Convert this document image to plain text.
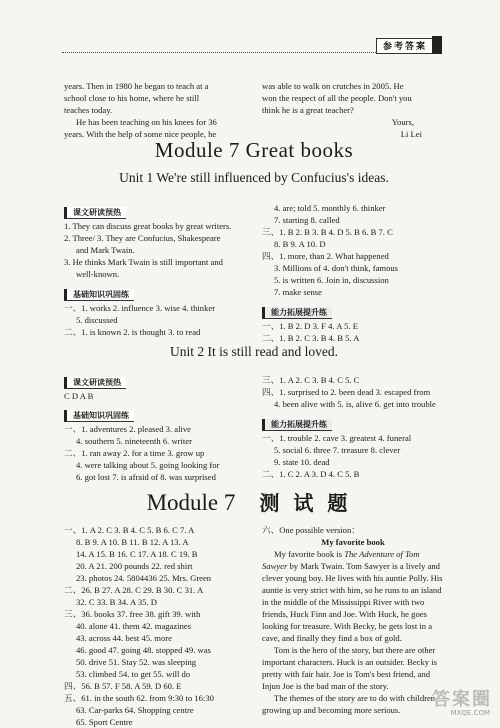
参考答案
years. Then in 1980 he began to teach at a
school close to his home, where he still
teaches today.
He has been teaching on his knees for 36
years. With the help of some nice people, he
was able to walk on crutches in 2005. He
won the respect of all the people. Don't you
think he is a great teacher?
Yours,
Li Lei
Module 7 Great books
Unit 1 We're still influenced by Confucius's ideas.
课文研读预热
1. They can discuss great books by great writers.
2. Three/ 3. They are Confucius, Shakespeare
and Mark Twain.
3. He thinks Mark Twain is still important and
well-known.
基础知识巩固练
一、1. works 2. influence 3. wise 4. thinker
5. discussed
二、1. is known 2. is thought 3. to read
4. are; told 5. monthly 6. thinker
7. starting 8. called
三、1. B 2. B 3. B 4. D 5. B 6. B 7. C
8. B 9. A 10. D
四、1. more, than 2. What happened
3. Millions of 4. don't think, famous
5. is written 6. Join in, discussion
7. make sense
能力拓展提升练
一、1. B 2. D 3. F 4. A 5. E
二、1. B 2. C 3. B 4. B 5. A
Unit 2 It is still read and loved.
课文研读预热
C D A B
基础知识巩固练
一、1. adventures 2. pleased 3. alive
4. southern 5. nineteenth 6. writer
二、1. ran away 2. for a time 3. grow up
4. were talking about 5. going looking for
6. got lost 7. is afraid of 8. was surprised
三、1. A 2. C 3. B 4. C 5. C
四、1. surprised to 2. been dead 3. escaped from
4. been alive with 5. is, alive 6. get into trouble
能力拓展提升练
一、1. trouble 2. cave 3. greatest 4. funeral
5. social 6. three 7. treasure 8. clever
9. state 10. dead
二、1. C 2. A 3. D 4. C 5. B
Module 7 测试题
一、1. A 2. C 3. B 4. C 5. B 6. C 7. A
8. B 9. A 10. B 11. B 12. A 13. A
14. A 15. B 16. C 17. A 18. C 19. B
20. A 21. 200 pounds 22. red shirt
23. photos 24. 5804436 25. Mrs. Green
二、26. B 27. A 28. C 29. B 30. C 31. A
32. C 33. B 34. A 35. D
三、36. books 37. free 38. gift 39. with
40. alone 41. them 42. magazines
43. across 44. best 45. more
46. good 47. going 48. stopped 49. was
50. drive 51. Stay 52. was sleeping
53. climbed 54. to get 55. will do
四、56. B 57. F 58. A 59. D 60. E
五、61. in the south 62. from 9:30 to 16:30
63. Car-parks 64. Shopping centre
65. Sport Centre
六、One possible version：
My favorite book
My favorite book is The Adventure of Tom Sawyer by Mark Twain. Tom Sawyer is a lively and clever young boy. He lives with his auntie Polly. His auntie is very strict with him, so he runs to an island in the middle of the Mississippi River with two friends, Huck Finn and Joe. With Huck, he goes looking for treasure. With Becky, he gets lost in a cave, and finally they find a box of gold.
Tom is the hero of the story, but there are other important characters. Huck is an outsider. Becky is pretty with fair hair. Joe is Tom's best friend, and Injun Joe is the bad man of the story.
The themes of the story are to do with children growing up and becoming more serious.	答案圈
MXQE.COM
